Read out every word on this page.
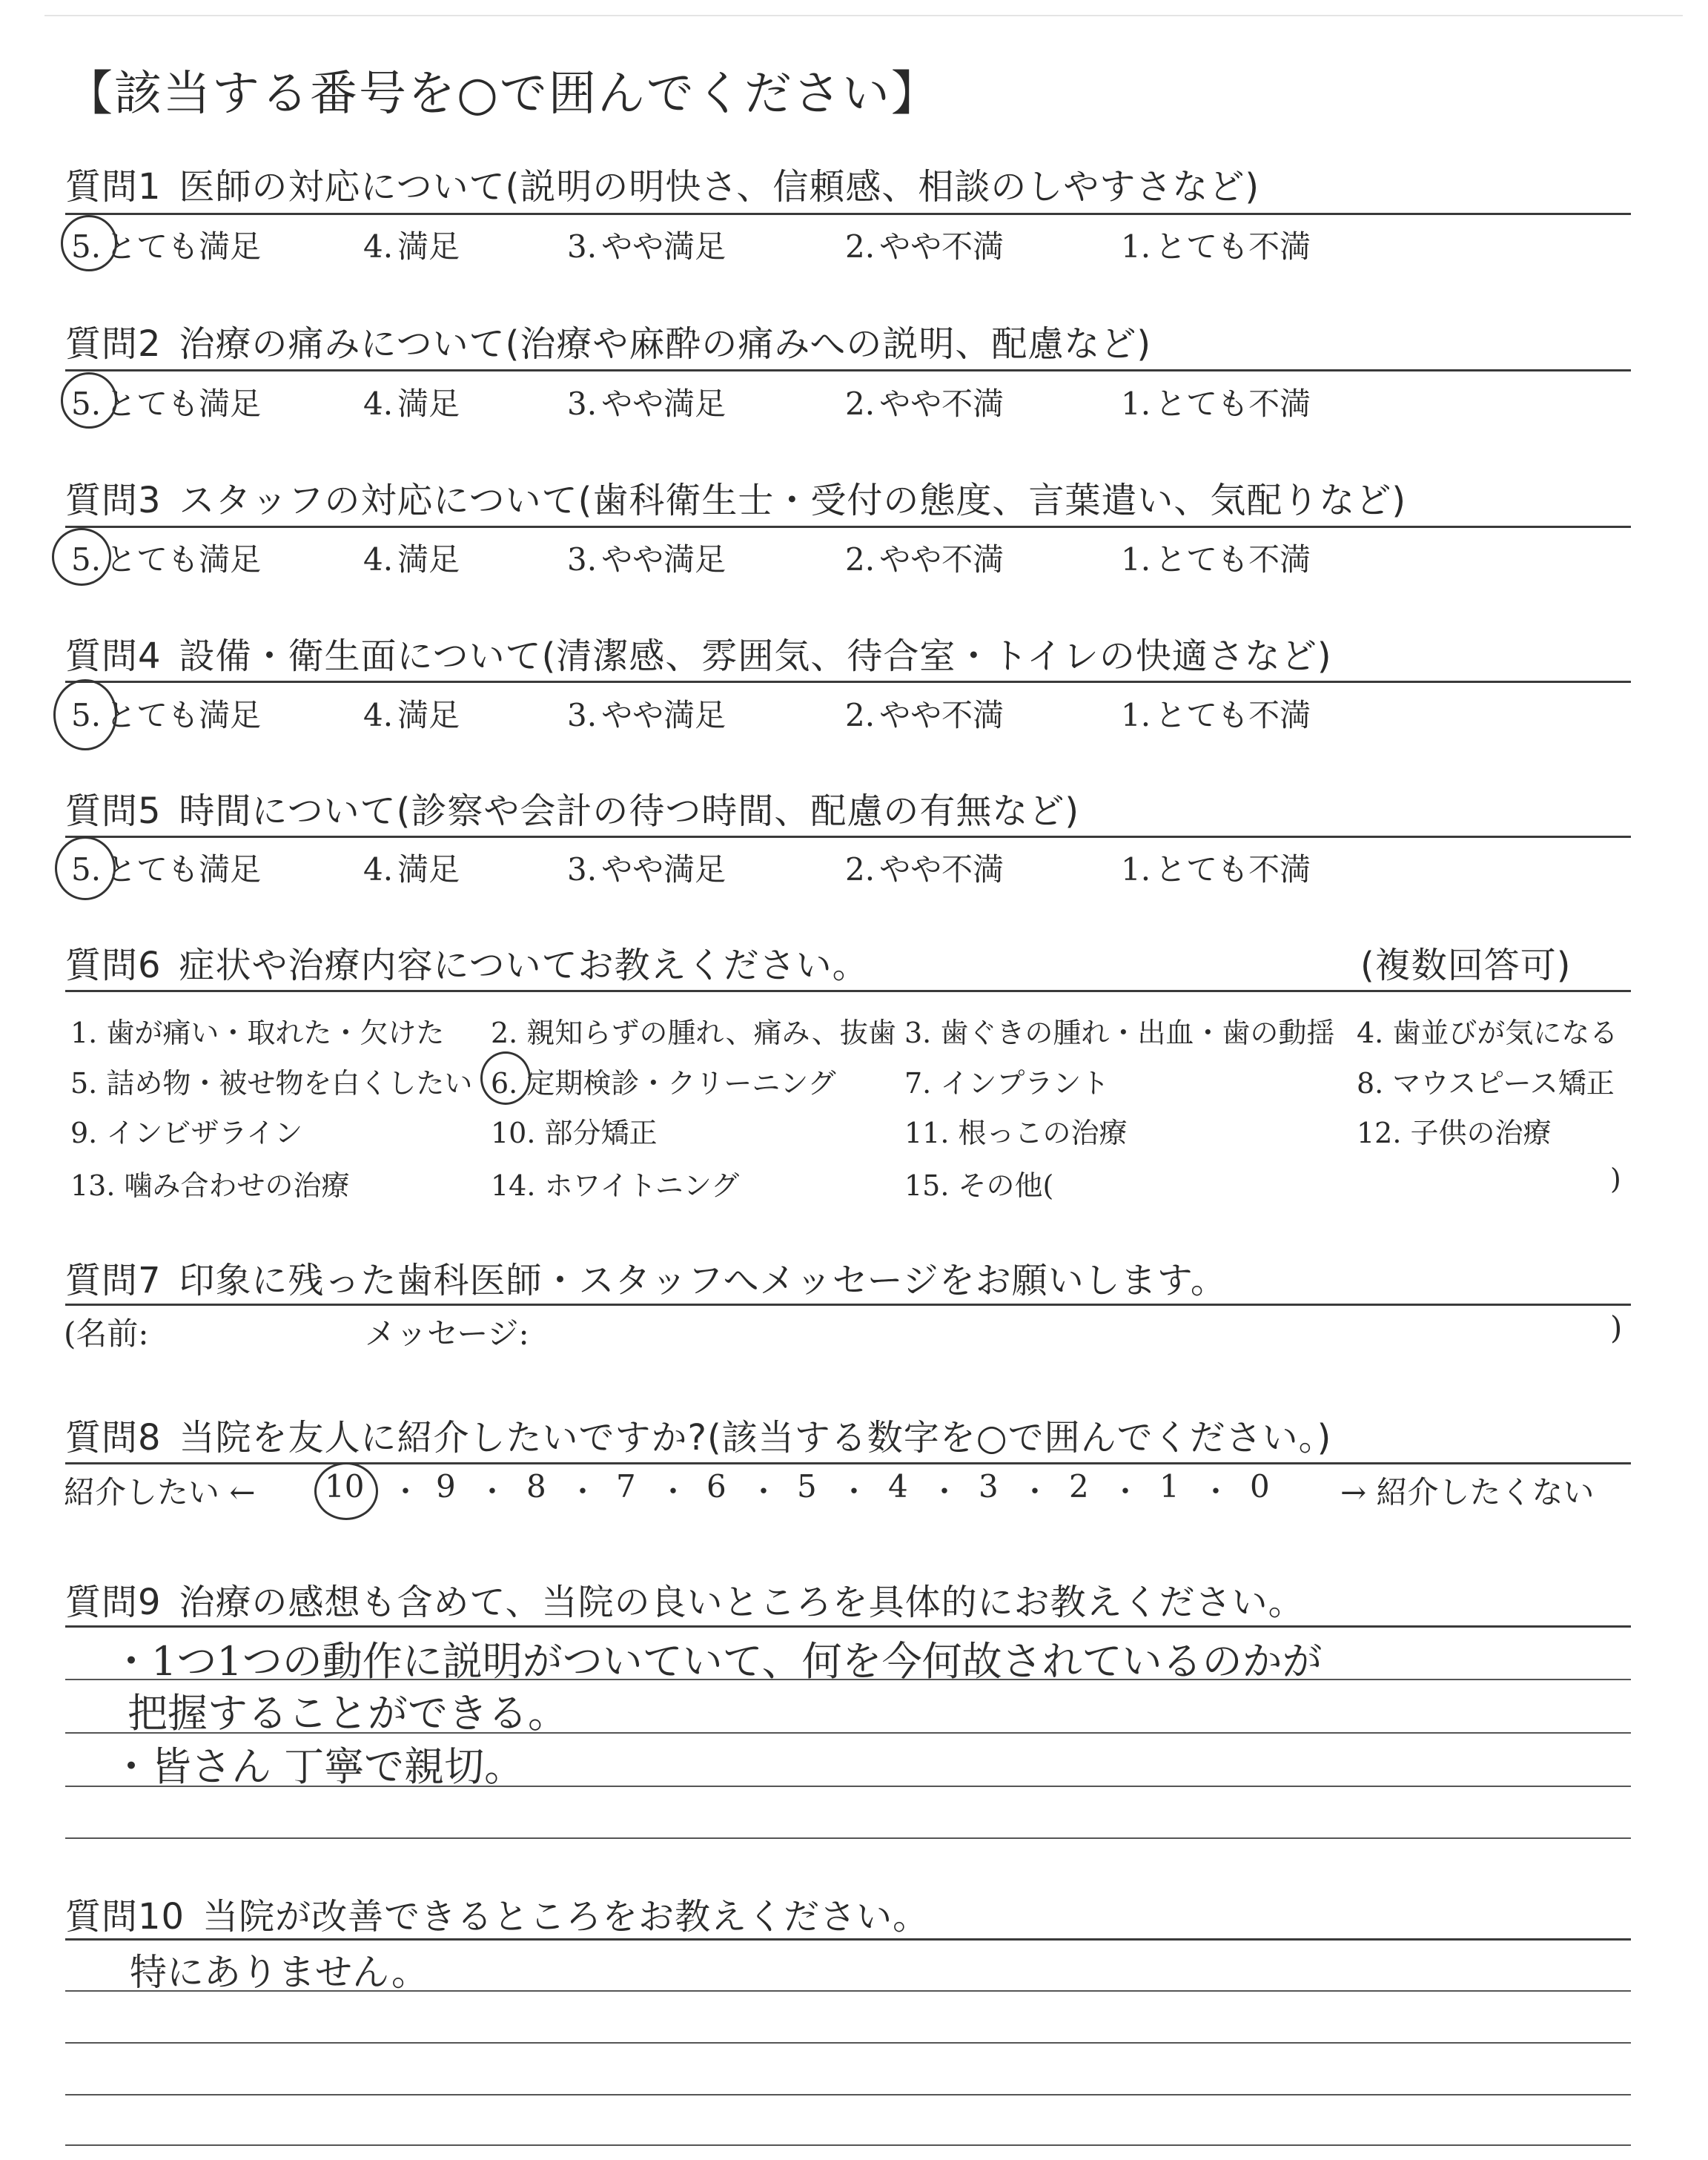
【該当する番号を○で囲んでください】
質問1 医師の対応について(説明の明快さ、信頼感、相談のしやすさなど)
5. とても満足	4. 満足	3. やや満足	2. やや不満	1. とても不満
質問2 治療の痛みについて(治療や麻酔の痛みへの説明、配慮など)
5. とても満足	4. 満足	3. やや満足	2. やや不満	1. とても不満
質問3 スタッフの対応について(歯科衛生士・受付の態度、言葉遣い、気配りなど)
5. とても満足	4. 満足	3. やや満足	2. やや不満	1. とても不満
質問4 設備・衛生面について(清潔感、雰囲気、待合室・トイレの快適さなど)
5. とても満足	4. 満足	3. やや満足	2. やや不満	1. とても不満
質問5 時間について(診察や会計の待つ時間、配慮の有無など)
5. とても満足	4. 満足	3. やや満足	2. やや不満	1. とても不満
質問6 症状や治療内容についてお教えください。	(複数回答可)
1. 歯が痛い・取れた・欠けた 2. 親知らずの腫れ、痛み、抜歯 3. 歯ぐきの腫れ・出血・歯の動揺 4. 歯並びが気になる
5. 詰め物・被せ物を白くしたい 6. 定期検診・クリーニング 7. インプラント	8. マウスピース矯正
9. インビザライン	10. 部分矯正	11. 根っこの治療	12. 子供の治療
13. 噛み合わせの治療	14. ホワイトニング	15. その他(	)
質問7 印象に残った歯科医師・スタッフへメッセージをお願いします。
(名前:	メッセージ:	)
質問8 当院を友人に紹介したいですか?(該当する数字を○で囲んでください。)
紹介したい ←	→ 紹介したくない
10 ・ 9 ・ 8 ・ 7 ・ 6 ・ 5 ・ 4 ・ 3 ・ 2 ・ 1 ・ 0
質問9 治療の感想も含めて、当院の良いところを具体的にお教えください。
・1つ1つの動作に説明がついていて、何を今何故されているのかが
把握することができる。
・皆さん 丁寧で親切。
質問10 当院が改善できるところをお教えください。
特にありません。
